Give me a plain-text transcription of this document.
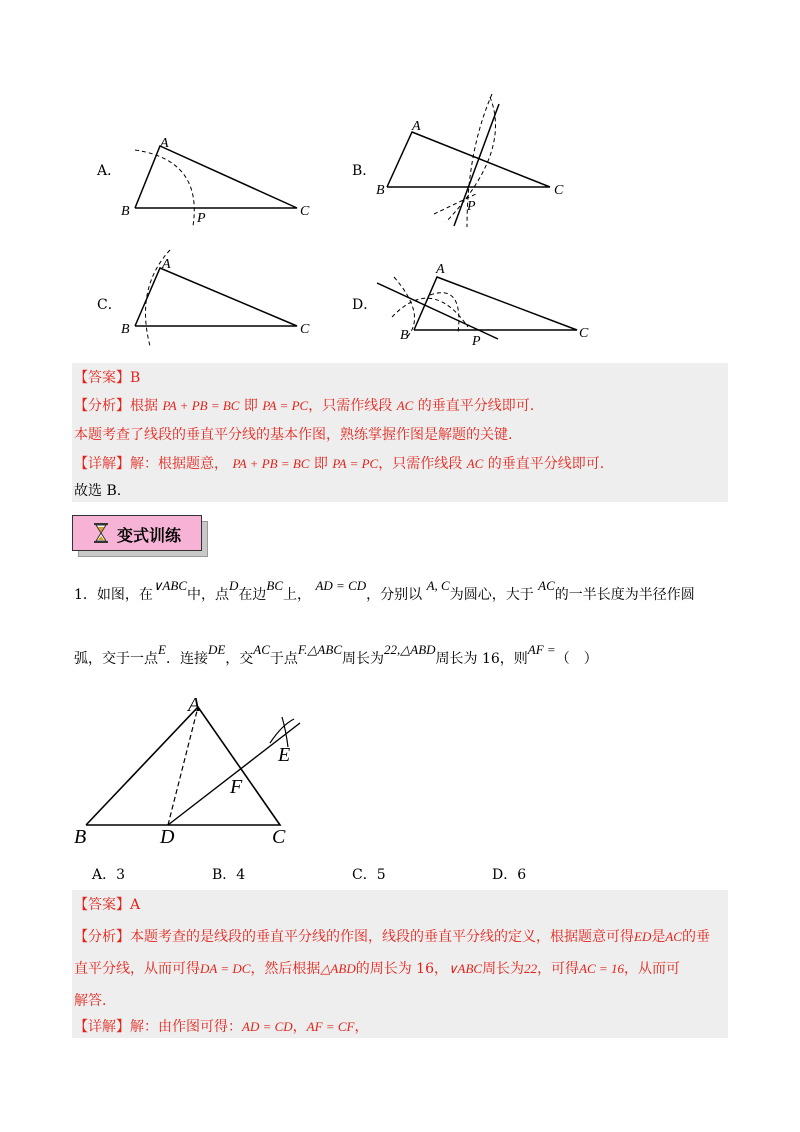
A．
A
B	C
P
B．
A
B	C
P
C．
A
B	C
D．
A
B	C
P
【答案】B
【分析】根据 PA + PB = BC 即 PA = PC，只需作线段 AC 的垂直平分线即可.
本题考查了线段的垂直平分线的基本作图，熟练掌握作图是解题的关键.
【详解】解：根据题意， PA + PB = BC 即 PA = PC，只需作线段 AC 的垂直平分线即可.
故选 B.
变式训练
1．如图，在∨ABC中，点D在边BC上， AD = CD，分别以 A, C为圆心，大于 AC的一半长度为半径作圆
弧，交于一点E．连接DE，交AC于点F.△ABC周长为22,△ABD周长为 16，则AF =（　）
A
B	C
D
E
F
A．3	B．4	C．5	D．6
【答案】A
【分析】本题考查的是线段的垂直平分线的作图，线段的垂直平分线的定义，根据题意可得ED是AC的垂
直平分线，从而可得DA = DC，然后根据△ABD的周长为 16，∨ABC周长为22，可得AC = 16，从而可
解答.
【详解】解：由作图可得：AD = CD，AF = CF，
